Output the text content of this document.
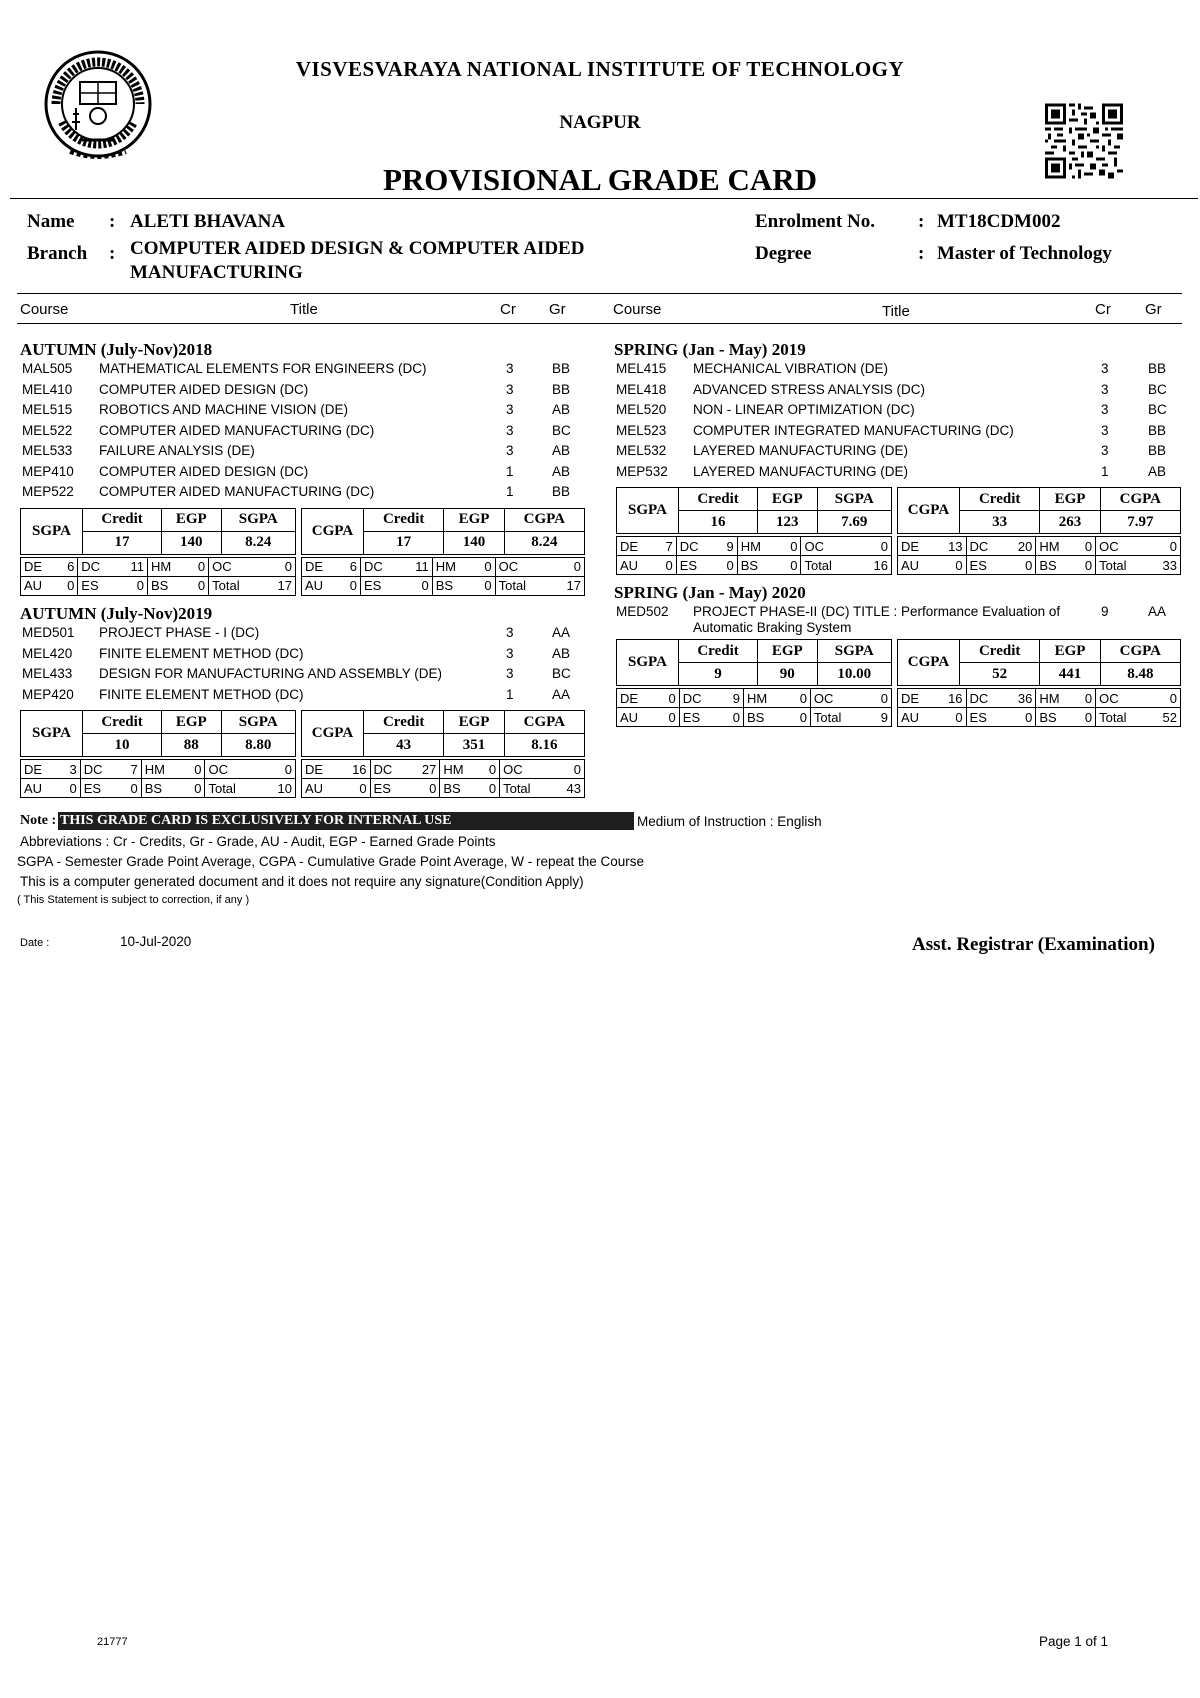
VISVESVARAYA NATIONAL INSTITUTE OF TECHNOLOGY
NAGPUR
PROVISIONAL GRADE CARD
Name : ALETI BHAVANA
Branch : COMPUTER AIDED DESIGN & COMPUTER AIDED
MANUFACTURING
Enrolment No. : MT18CDM002
Degree	: Master of Technology
Course	Title	Cr Gr	Course	Title	Cr Gr
AUTUMN (July-Nov)2018
MAL505 MATHEMATICAL ELEMENTS FOR ENGINEERS (DC)	3	BB
MEL410 COMPUTER AIDED DESIGN (DC)	3	BB
MEL515 ROBOTICS AND MACHINE VISION (DE)	3	AB
MEL522 COMPUTER AIDED MANUFACTURING (DC)	3	BC
MEL533 FAILURE ANALYSIS (DE)	3	AB
MEP410 COMPUTER AIDED DESIGN (DC)	1	AB
MEP522 COMPUTER AIDED MANUFACTURING (DC)	1	BB
SGPA	Credit	EGP	SGPA
	17	140	8.24
CGPA	Credit	EGP	CGPA
	17	140	8.24
DE 6	DC 11	HM 0	OC 0

AU 0	ES 0	BS 0	Total 17
DE 6	DC 11	HM 0	OC 0

AU 0	ES 0	BS 0	Total 17
SPRING (Jan - May) 2019
MEL415 MECHANICAL VIBRATION (DE)	3	BB
MEL418 ADVANCED STRESS ANALYSIS (DC)	3	BC
MEL520 NON - LINEAR OPTIMIZATION (DC)	3	BC
MEL523 COMPUTER INTEGRATED MANUFACTURING (DC)	3	BB
MEL532 LAYERED MANUFACTURING (DE)	3	BB
MEP532 LAYERED MANUFACTURING (DE)	1	AB
SGPA	Credit	EGP	SGPA
	16	123	7.69
CGPA	Credit	EGP	CGPA
	33	263	7.97
DE 7	DC 9	HM 0	OC 0

AU 0	ES 0	BS 0	Total 16
DE 13	DC 20	HM 0	OC 0

AU 0	ES 0	BS 0	Total 33
AUTUMN (July-Nov)2019
MED501 PROJECT PHASE - I (DC)	3	AA
MEL420 FINITE ELEMENT METHOD (DC)	3	AB
MEL433 DESIGN FOR MANUFACTURING AND ASSEMBLY (DE)	3	BC
MEP420 FINITE ELEMENT METHOD (DC)	1	AA
SGPA	Credit	EGP	SGPA
	10	88	8.80
CGPA	Credit	EGP	CGPA
	43	351	8.16
DE 3	DC 7	HM 0	OC 0

AU 0	ES 0	BS 0	Total 10
DE 16	DC 27	HM 0	OC 0

AU 0	ES 0	BS 0	Total 43
SPRING (Jan - May) 2020
MED502 PROJECT PHASE-II (DC) TITLE : Performance Evaluation of	9	AA
Automatic Braking System
SGPA	Credit	EGP	SGPA
	9	90	10.00
CGPA	Credit	EGP	CGPA
	52	441	8.48
DE 0	DC 9	HM 0	OC 0

AU 0	ES 0	BS 0	Total 9
DE 16	DC 36	HM 0	OC 0

AU 0	ES 0	BS 0	Total 52
Note : THIS GRADE CARD IS EXCLUSIVELY FOR INTERNAL USE	Medium of Instruction : English
Abbreviations : Cr - Credits, Gr - Grade, AU - Audit, EGP - Earned Grade Points
SGPA - Semester Grade Point Average, CGPA - Cumulative Grade Point Average, W - repeat the Course
This is a computer generated document and it does not require any signature(Condition Apply)
( This Statement is subject to correction, if any )
Date :	10-Jul-2020	Asst. Registrar (Examination)
21777	Page 1 of 1
